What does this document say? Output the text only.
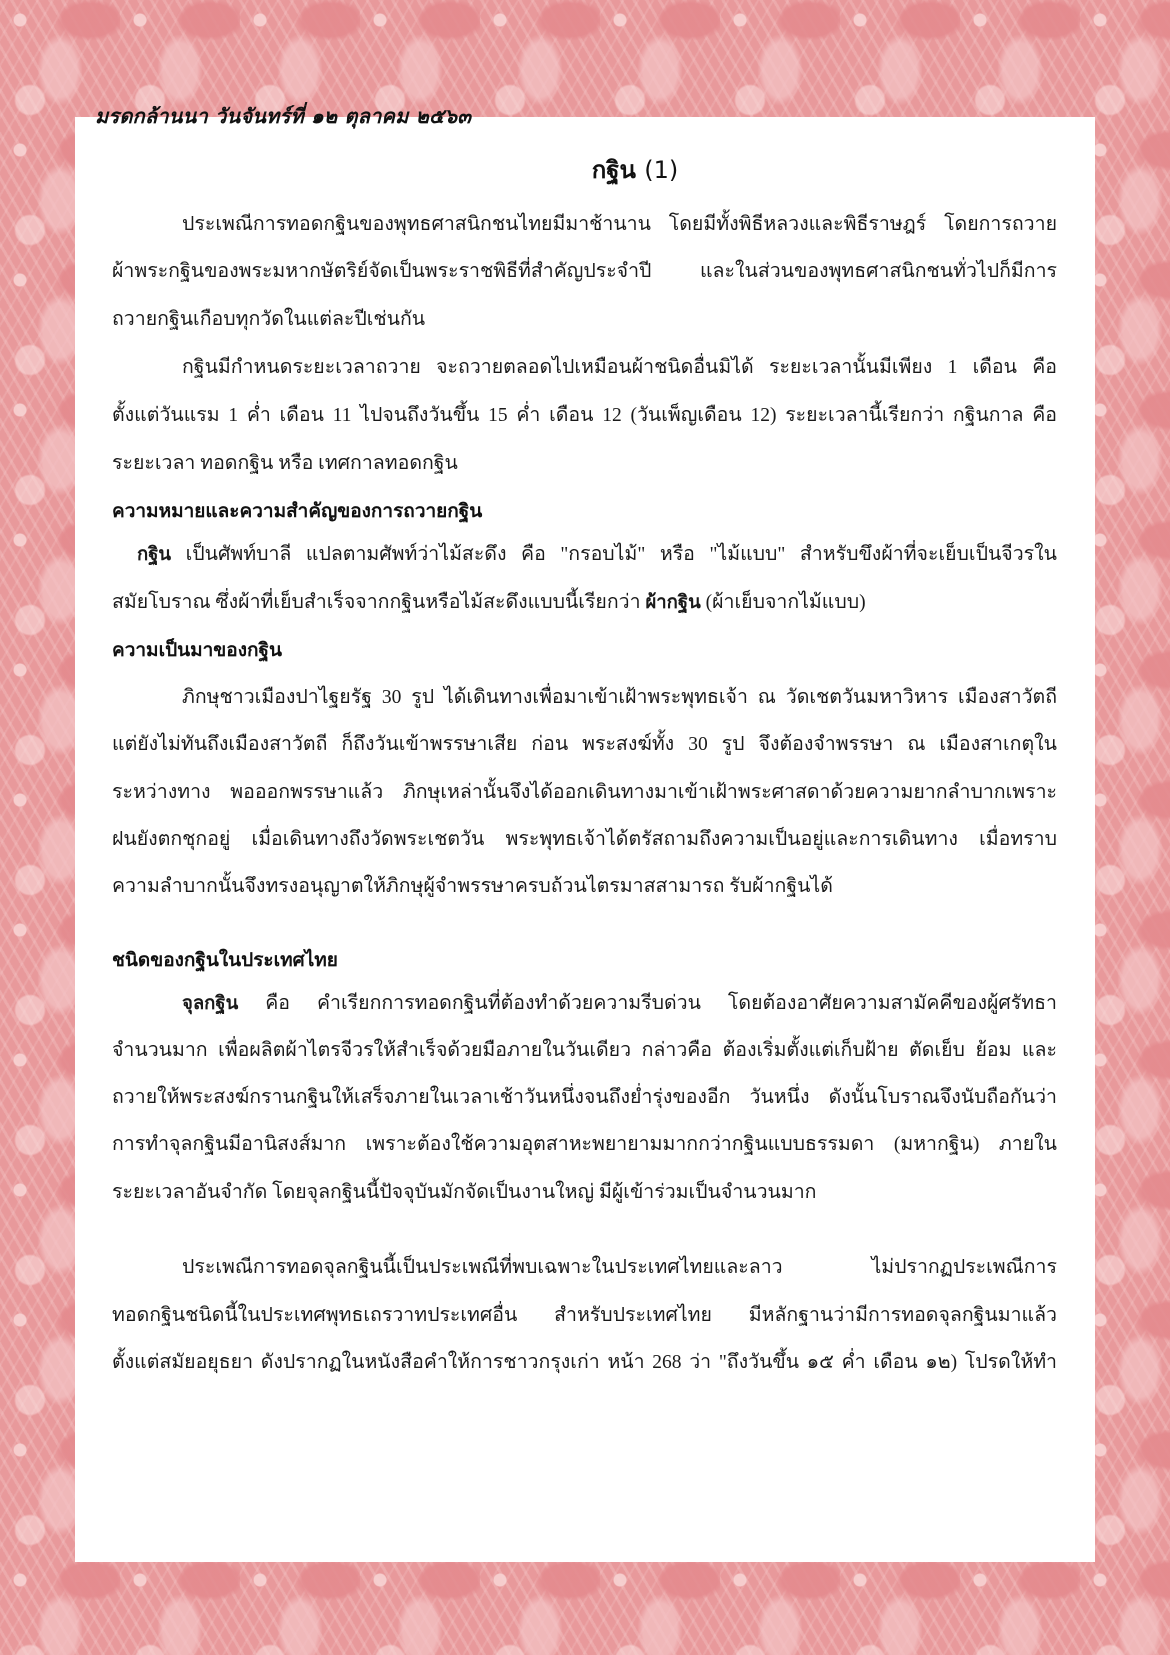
มรดกล้านนา วันจันทร์ที่ ๑๒ ตุลาคม ๒๕๖๓
กฐิน (1)
ประเพณีการทอดกฐินของพุทธศาสนิกชนไทยมีมาช้านาน โดยมีทั้งพิธีหลวงและพิธีราษฎร์ โดยการถวาย
ผ้าพระกฐินของพระมหากษัตริย์จัดเป็นพระราชพิธีที่สำคัญประจำปี และในส่วนของพุทธศาสนิกชนทั่วไปก็มีการ
ถวายกฐินเกือบทุกวัดในแต่ละปีเช่นกัน
กฐินมีกำหนดระยะเวลาถวาย จะถวายตลอดไปเหมือนผ้าชนิดอื่นมิได้ ระยะเวลานั้นมีเพียง 1 เดือน คือ
ตั้งแต่วันแรม 1 ค่ำ เดือน 11 ไปจนถึงวันขึ้น 15 ค่ำ เดือน 12 (วันเพ็ญเดือน 12) ระยะเวลานี้เรียกว่า กฐินกาล คือ
ระยะเวลา ทอดกฐิน หรือ เทศกาลทอดกฐิน
ความหมายและความสำคัญของการถวายกฐิน
กฐิน เป็นศัพท์บาลี แปลตามศัพท์ว่าไม้สะดึง คือ "กรอบไม้" หรือ "ไม้แบบ" สำหรับขึงผ้าที่จะเย็บเป็นจีวรใน
สมัยโบราณ ซึ่งผ้าที่เย็บสำเร็จจากกฐินหรือไม้สะดึงแบบนี้เรียกว่า ผ้ากฐิน (ผ้าเย็บจากไม้แบบ)
ความเป็นมาของกฐิน
ภิกษุชาวเมืองปาไฐยรัฐ 30 รูป ได้เดินทางเพื่อมาเข้าเฝ้าพระพุทธเจ้า ณ วัดเชตวันมหาวิหาร เมืองสาวัตถี
แต่ยังไม่ทันถึงเมืองสาวัตถี ก็ถึงวันเข้าพรรษาเสีย ก่อน พระสงฆ์ทั้ง 30 รูป จึงต้องจำพรรษา ณ เมืองสาเกตุใน
ระหว่างทาง พอออกพรรษาแล้ว ภิกษุเหล่านั้นจึงได้ออกเดินทางมาเข้าเฝ้าพระศาสดาด้วยความยากลำบากเพราะ
ฝนยังตกชุกอยู่ เมื่อเดินทางถึงวัดพระเชตวัน พระพุทธเจ้าได้ตรัสถามถึงความเป็นอยู่และการเดินทาง เมื่อทราบ
ความลำบากนั้นจึงทรงอนุญาตให้ภิกษุผู้จำพรรษาครบถ้วนไตรมาสสามารถ รับผ้ากฐินได้
ชนิดของกฐินในประเทศไทย
จุลกฐิน คือ คำเรียกการทอดกฐินที่ต้องทำด้วยความรีบด่วน โดยต้องอาศัยความสามัคคีของผู้ศรัทธา
จำนวนมาก เพื่อผลิตผ้าไตรจีวรให้สำเร็จด้วยมือภายในวันเดียว กล่าวคือ ต้องเริ่มตั้งแต่เก็บฝ้าย ตัดเย็บ ย้อม และ
ถวายให้พระสงฆ์กรานกฐินให้เสร็จภายในเวลาเช้าวันหนึ่งจนถึงย่ำรุ่งของอีก วันหนึ่ง ดังนั้นโบราณจึงนับถือกันว่า
การทำจุลกฐินมีอานิสงส์มาก เพราะต้องใช้ความอุตสาหะพยายามมากกว่ากฐินแบบธรรมดา (มหากฐิน) ภายใน
ระยะเวลาอันจำกัด โดยจุลกฐินนี้ปัจจุบันมักจัดเป็นงานใหญ่ มีผู้เข้าร่วมเป็นจำนวนมาก
ประเพณีการทอดจุลกฐินนี้เป็นประเพณีที่พบเฉพาะในประเทศไทยและลาว ไม่ปรากฏประเพณีการ
ทอดกฐินชนิดนี้ในประเทศพุทธเถรวาทประเทศอื่น สำหรับประเทศไทย มีหลักฐานว่ามีการทอดจุลกฐินมาแล้ว
ตั้งแต่สมัยอยุธยา ดังปรากฏในหนังสือคำให้การชาวกรุงเก่า หน้า 268 ว่า "ถึงวันขึ้น ๑๕ ค่ำ เดือน ๑๒) โปรดให้ทำ
